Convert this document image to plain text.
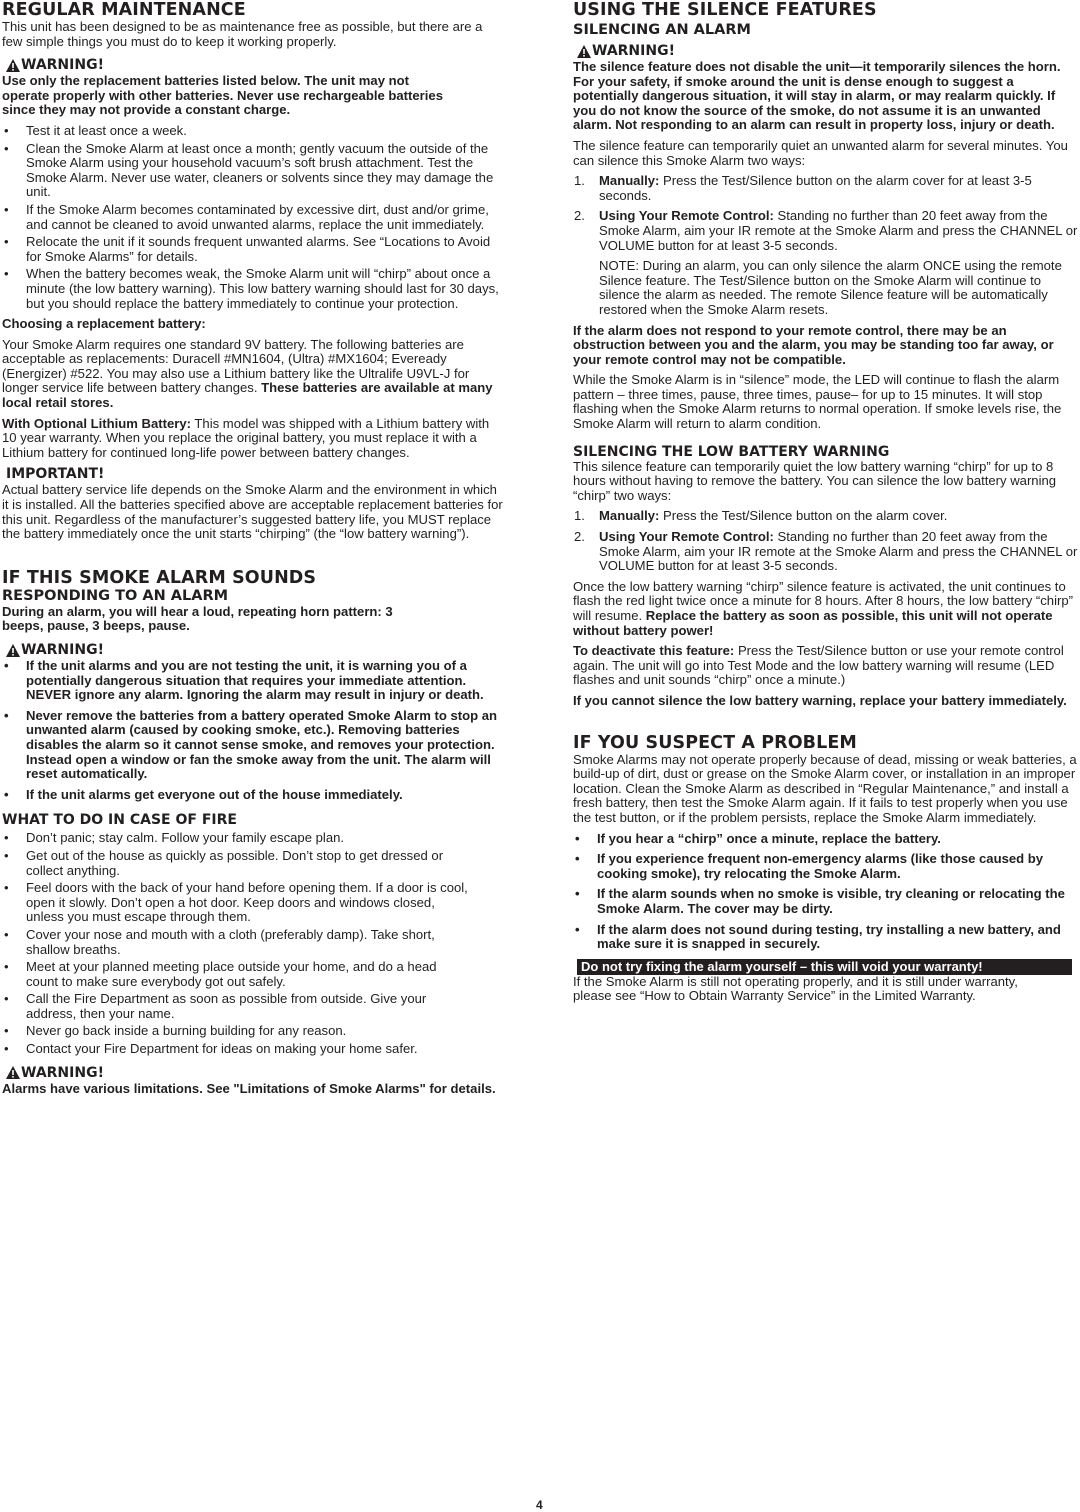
REGULAR MAINTENANCE

This unit has been designed to be as maintenance free as possible, but there are a few simple things you must do to keep it working properly.

WARNING!

Use only the replacement batteries listed below. The unit may not operate properly with other batteries. Never use rechargeable batteries since they may not provide a constant charge.

• Test it at least once a week.
• Clean the Smoke Alarm at least once a month; gently vacuum the outside of the Smoke Alarm using your household vacuum’s soft brush attachment. Test the Smoke Alarm. Never use water, cleaners or solvents since they may damage the unit.
• If the Smoke Alarm becomes contaminated by excessive dirt, dust and/or grime, and cannot be cleaned to avoid unwanted alarms, replace the unit immediately.
• Relocate the unit if it sounds frequent unwanted alarms. See “Locations to Avoid for Smoke Alarms” for details.
• When the battery becomes weak, the Smoke Alarm unit will “chirp” about once a minute (the low battery warning). This low battery warning should last for 30 days, but you should replace the battery immediately to continue your protection.

Choosing a replacement battery:

Your Smoke Alarm requires one standard 9V battery. The following batteries are acceptable as replacements: Duracell #MN1604, (Ultra) #MX1604; Eveready (Energizer) #522. You may also use a Lithium battery like the Ultralife U9VL-J for longer service life between battery changes. These batteries are available at many local retail stores.

With Optional Lithium Battery: This model was shipped with a Lithium battery with 10 year warranty. When you replace the original battery, you must replace it with a Lithium battery for continued long-life power between battery changes.

IMPORTANT!

Actual battery service life depends on the Smoke Alarm and the environment in which it is installed. All the batteries specified above are acceptable replacement batteries for this unit. Regardless of the manufacturer’s suggested battery life, you MUST replace the battery immediately once the unit starts “chirping” (the “low battery warning”).

IF THIS SMOKE ALARM SOUNDS
RESPONDING TO AN ALARM

During an alarm, you will hear a loud, repeating horn pattern: 3 beeps, pause, 3 beeps, pause.

WARNING!
• If the unit alarms and you are not testing the unit, it is warning you of a potentially dangerous situation that requires your immediate attention. NEVER ignore any alarm. Ignoring the alarm may result in injury or death.
• Never remove the batteries from a battery operated Smoke Alarm to stop an unwanted alarm (caused by cooking smoke, etc.). Removing batteries disables the alarm so it cannot sense smoke, and removes your protection. Instead open a window or fan the smoke away from the unit. The alarm will reset automatically.
• If the unit alarms get everyone out of the house immediately.
WHAT TO DO IN CASE OF FIRE
• Don’t panic; stay calm. Follow your family escape plan.
• Get out of the house as quickly as possible. Don’t stop to get dressed or collect anything.
• Feel doors with the back of your hand before opening them. If a door is cool, open it slowly. Don’t open a hot door. Keep doors and windows closed, unless you must escape through them.
• Cover your nose and mouth with a cloth (preferably damp). Take short, shallow breaths.
• Meet at your planned meeting place outside your home, and do a head count to make sure everybody got out safely.
• Call the Fire Department as soon as possible from outside. Give your address, then your name.
• Never go back inside a burning building for any reason.
• Contact your Fire Department for ideas on making your home safer.
WARNING!

Alarms have various limitations. See "Limitations of Smoke Alarms" for details.

USING THE SILENCE FEATURES
SILENCING AN ALARM
WARNING!

The silence feature does not disable the unit—it temporarily silences the horn. For your safety, if smoke around the unit is dense enough to suggest a potentially dangerous situation, it will stay in alarm, or may realarm quickly. If you do not know the source of the smoke, do not assume it is an unwanted alarm. Not responding to an alarm can result in property loss, injury or death.

The silence feature can temporarily quiet an unwanted alarm for several minutes. You can silence this Smoke Alarm two ways:

1. Manually: Press the Test/Silence button on the alarm cover for at least 3-5 seconds.
2. Using Your Remote Control: Standing no further than 20 feet away from the Smoke Alarm, aim your IR remote at the Smoke Alarm and press the CHANNEL or VOLUME button for at least 3-5 seconds.

NOTE: During an alarm, you can only silence the alarm ONCE using the remote Silence feature. The Test/Silence button on the Smoke Alarm will continue to silence the alarm as needed. The remote Silence feature will be automatically restored when the Smoke Alarm resets.

If the alarm does not respond to your remote control, there may be an obstruction between you and the alarm, you may be standing too far away, or your remote control may not be compatible.

While the Smoke Alarm is in “silence” mode, the LED will continue to flash the alarm pattern – three times, pause, three times, pause– for up to 15 minutes. It will stop flashing when the Smoke Alarm returns to normal operation. If smoke levels rise, the Smoke Alarm will return to alarm condition.

SILENCING THE LOW BATTERY WARNING

This silence feature can temporarily quiet the low battery warning “chirp” for up to 8 hours without having to remove the battery. You can silence the low battery warning “chirp” two ways:

1. Manually: Press the Test/Silence button on the alarm cover.
2. Using Your Remote Control: Standing no further than 20 feet away from the Smoke Alarm, aim your IR remote at the Smoke Alarm and press the CHANNEL or VOLUME button for at least 3-5 seconds.

Once the low battery warning “chirp” silence feature is activated, the unit continues to flash the red light twice once a minute for 8 hours. After 8 hours, the low battery “chirp” will resume. Replace the battery as soon as possible, this unit will not operate without battery power!

To deactivate this feature: Press the Test/Silence button or use your remote control again. The unit will go into Test Mode and the low battery warning will resume (LED flashes and unit sounds “chirp” once a minute.)

If you cannot silence the low battery warning, replace your battery immediately.

IF YOU SUSPECT A PROBLEM

Smoke Alarms may not operate properly because of dead, missing or weak batteries, a build-up of dirt, dust or grease on the Smoke Alarm cover, or installation in an improper location. Clean the Smoke Alarm as described in “Regular Maintenance,” and install a fresh battery, then test the Smoke Alarm again. If it fails to test properly when you use the test button, or if the problem persists, replace the Smoke Alarm immediately.

• If you hear a “chirp” once a minute, replace the battery.
• If you experience frequent non-emergency alarms (like those caused by cooking smoke), try relocating the Smoke Alarm.
• If the alarm sounds when no smoke is visible, try cleaning or relocating the Smoke Alarm. The cover may be dirty.
• If the alarm does not sound during testing, try installing a new battery, and make sure it is snapped in securely.
Do not try fixing the alarm yourself – this will void your warranty!

If the Smoke Alarm is still not operating properly, and it is still under warranty, please see “How to Obtain Warranty Service” in the Limited Warranty.

4
